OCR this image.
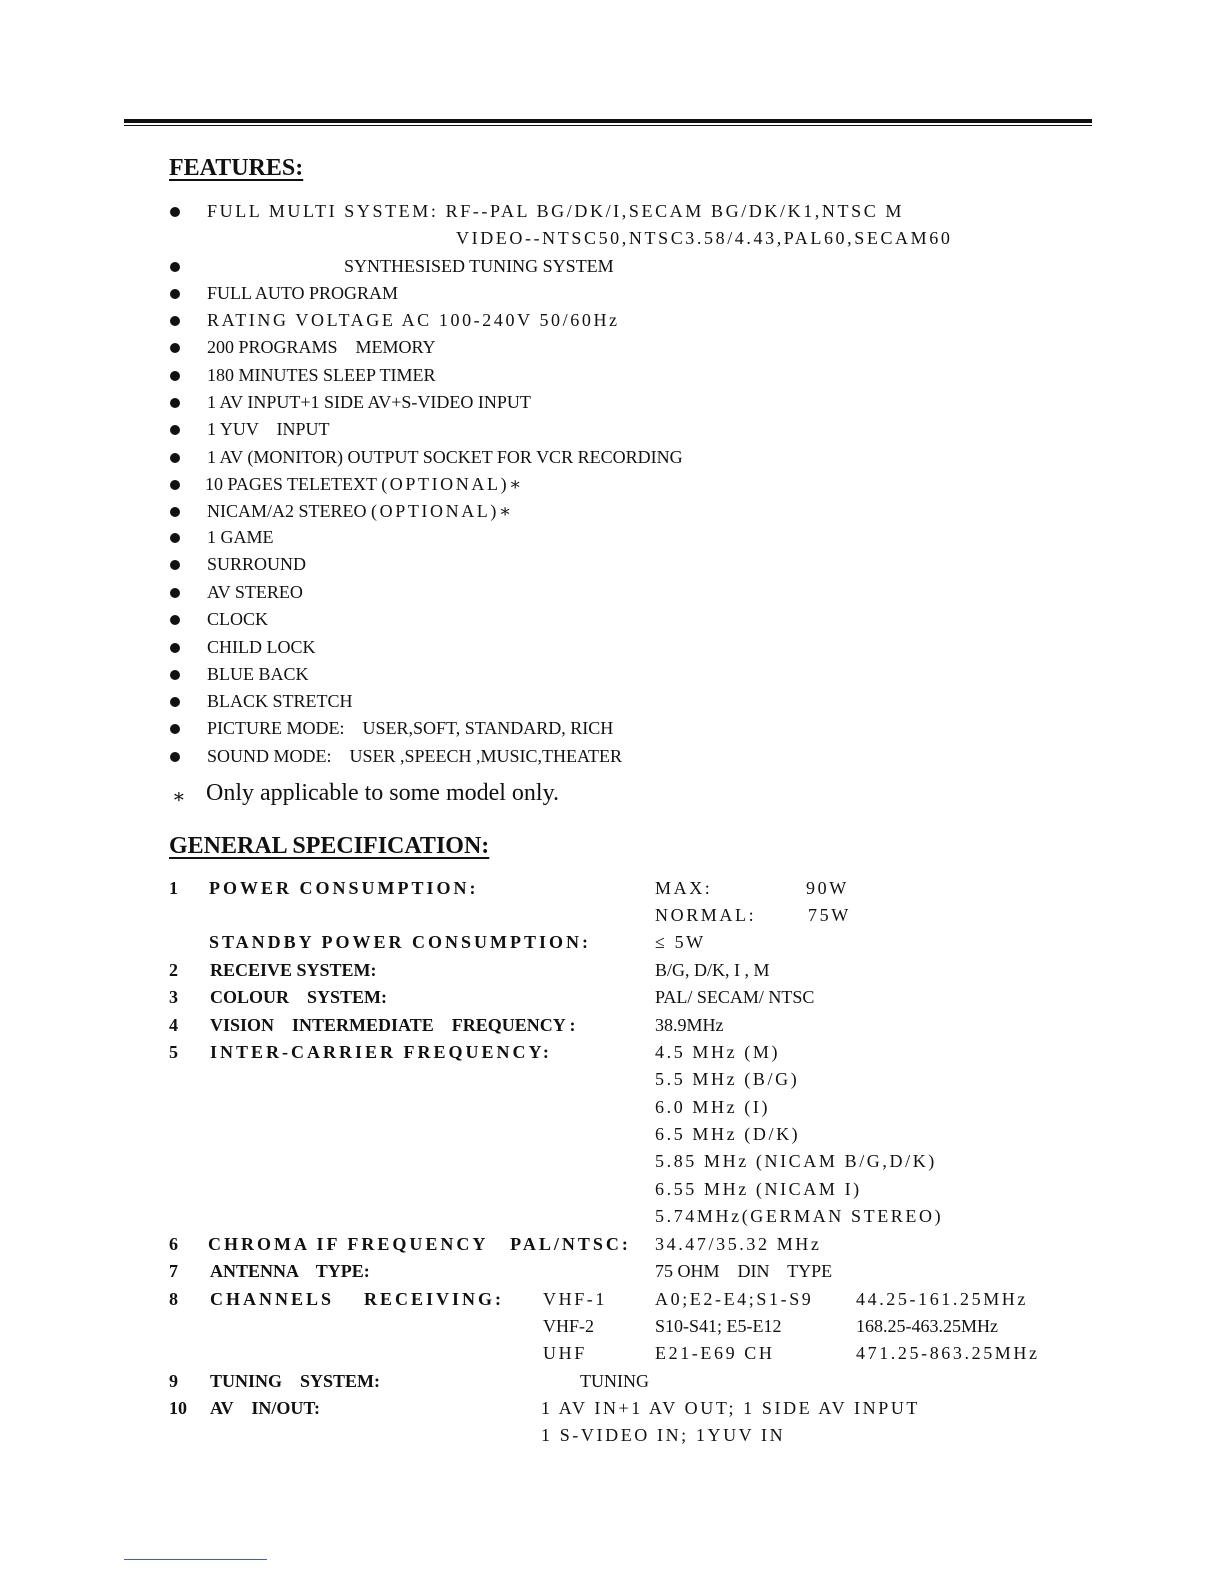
FEATURES:
FULL MULTI SYSTEM: RF--PAL BG/DK/I,SECAM BG/DK/K1,NTSC M
VIDEO--NTSC50,NTSC3.58/4.43,PAL60,SECAM60
SYNTHESISED TUNING SYSTEM
FULL AUTO PROGRAM
RATING VOLTAGE AC 100-240V 50/60Hz
200 PROGRAMS    MEMORY
180 MINUTES SLEEP TIMER
1 AV INPUT+1 SIDE AV+S-VIDEO INPUT
1 YUV    INPUT
1 AV (MONITOR) OUTPUT SOCKET FOR VCR RECORDING
10 PAGES TELETEXT (OPTIONAL)∗
NICAM/A2 STEREO (OPTIONAL)∗
1 GAME
SURROUND
AV STEREO
CLOCK
CHILD LOCK
BLUE BACK
BLACK STRETCH
PICTURE MODE:    USER,SOFT, STANDARD, RICH
SOUND MODE:    USER ,SPEECH ,MUSIC,THEATER
∗ Only applicable to some model only.
GENERAL SPECIFICATION:
1 POWER CONSUMPTION:	MAX:	90W
NORMAL:	75W
STANDBY POWER CONSUMPTION:	≤ 5W
2 RECEIVE SYSTEM:	B/G, D/K, I , M
3 COLOUR    SYSTEM:	PAL/ SECAM/ NTSC
4 VISION    INTERMEDIATE    FREQUENCY :	38.9MHz
5 INTER-CARRIER FREQUENCY:	4.5 MHz (M)
5.5 MHz (B/G)
6.0 MHz (I)
6.5 MHz (D/K)
5.85 MHz (NICAM B/G,D/K)
6.55 MHz (NICAM I)
5.74MHz(GERMAN STEREO)
6 CHROMA IF FREQUENCY   PAL/NTSC: 34.47/35.32 MHz
7 ANTENNA    TYPE:	75 OHM    DIN    TYPE
8 CHANNELS    RECEIVING: VHF-1	A0;E2-E4;S1-S9 44.25-161.25MHz
VHF-2	S10-S41; E5-E12	168.25-463.25MHz
UHF	E21-E69 CH	471.25-863.25MHz
9 TUNING    SYSTEM:	TUNING
10 AV    IN/OUT:	1 AV IN+1 AV OUT; 1 SIDE AV INPUT
1 S-VIDEO IN; 1YUV IN
